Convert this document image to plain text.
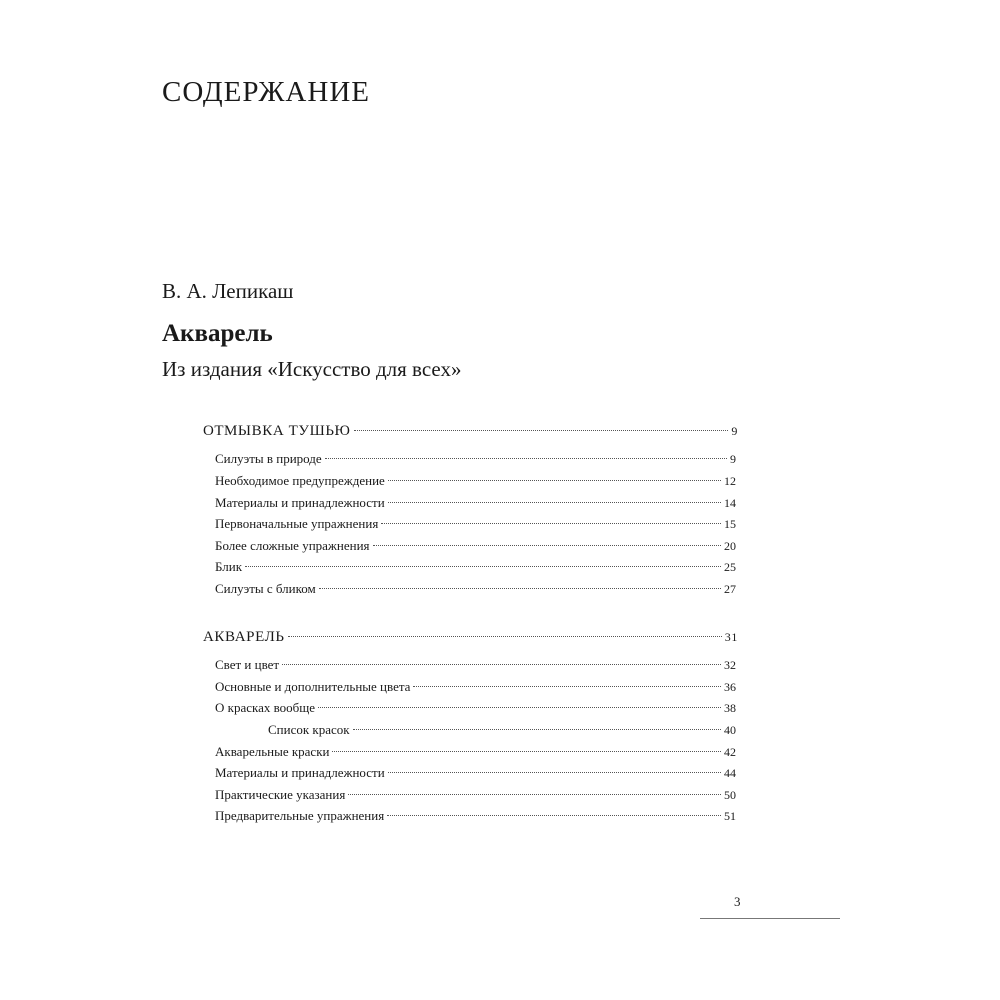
СОДЕРЖАНИЕ
В. А. Лепикаш
Акварель
Из издания «Искусство для всех»
ОТМЫВКА ТУШЬЮ	9
Силуэты в природе	9
Необходимое предупреждение	12
Материалы и принадлежности	14
Первоначальные упражнения	15
Более сложные упражнения	20
Блик	25
Силуэты с бликом	27
АКВАРЕЛЬ	31
Свет и цвет	32
Основные и дополнительные цвета	36
О красках вообще	38
Список красок	40
Акварельные краски	42
Материалы и принадлежности	44
Практические указания	50
Предварительные упражнения	51
3
